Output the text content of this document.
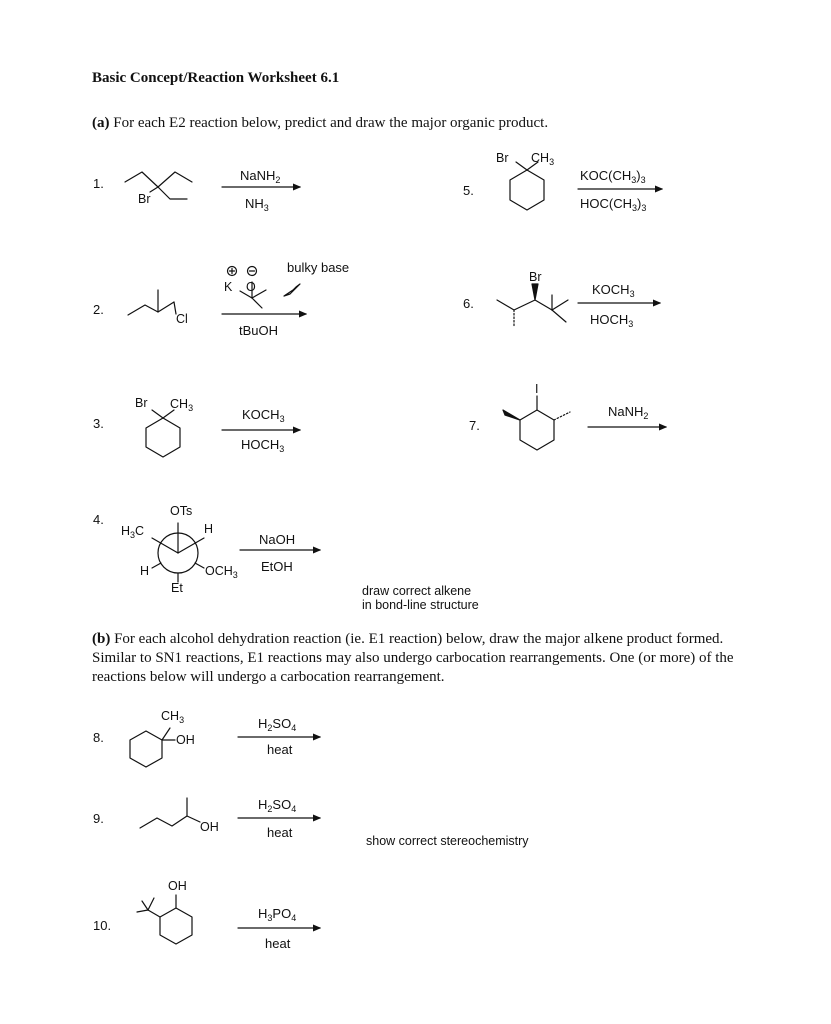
Basic Concept/Reaction Worksheet 6.1
(a) For each E2 reaction below, predict and draw the major organic product.
(b) For each alcohol dehydration reaction (ie. E1 reaction) below, draw the major alkene product formed. Similar to SN1 reactions, E1 reactions may also undergo carbocation rearrangements. One (or more) of the reactions below will undergo a carbocation rearrangement.
1.
2.
3.
4.
5.
6.
7.
8.
9.
10.
Br
Cl
K O
Br $CH_3$
OTs
$H_3C$	H
H	$OCH_3$
Et
Br $CH_3$
Br
I
$CH_3$
OH
OH
OH
NaNH$_2$
$NH_3$
bulky base
tBuOH
$KOCH_3$
$HOCH_3$
NaOH
EtOH
$KOC(CH_3)_3$
$HOC(CH_3)_3$
$KOCH_3$
$HOCH_3$
NaNH$_2$
$H_2SO_4$
heat
$H_2SO_4$
heat
$H_3PO_4$
heat
draw correct alkene
in bond-line structure
show correct stereochemistry
